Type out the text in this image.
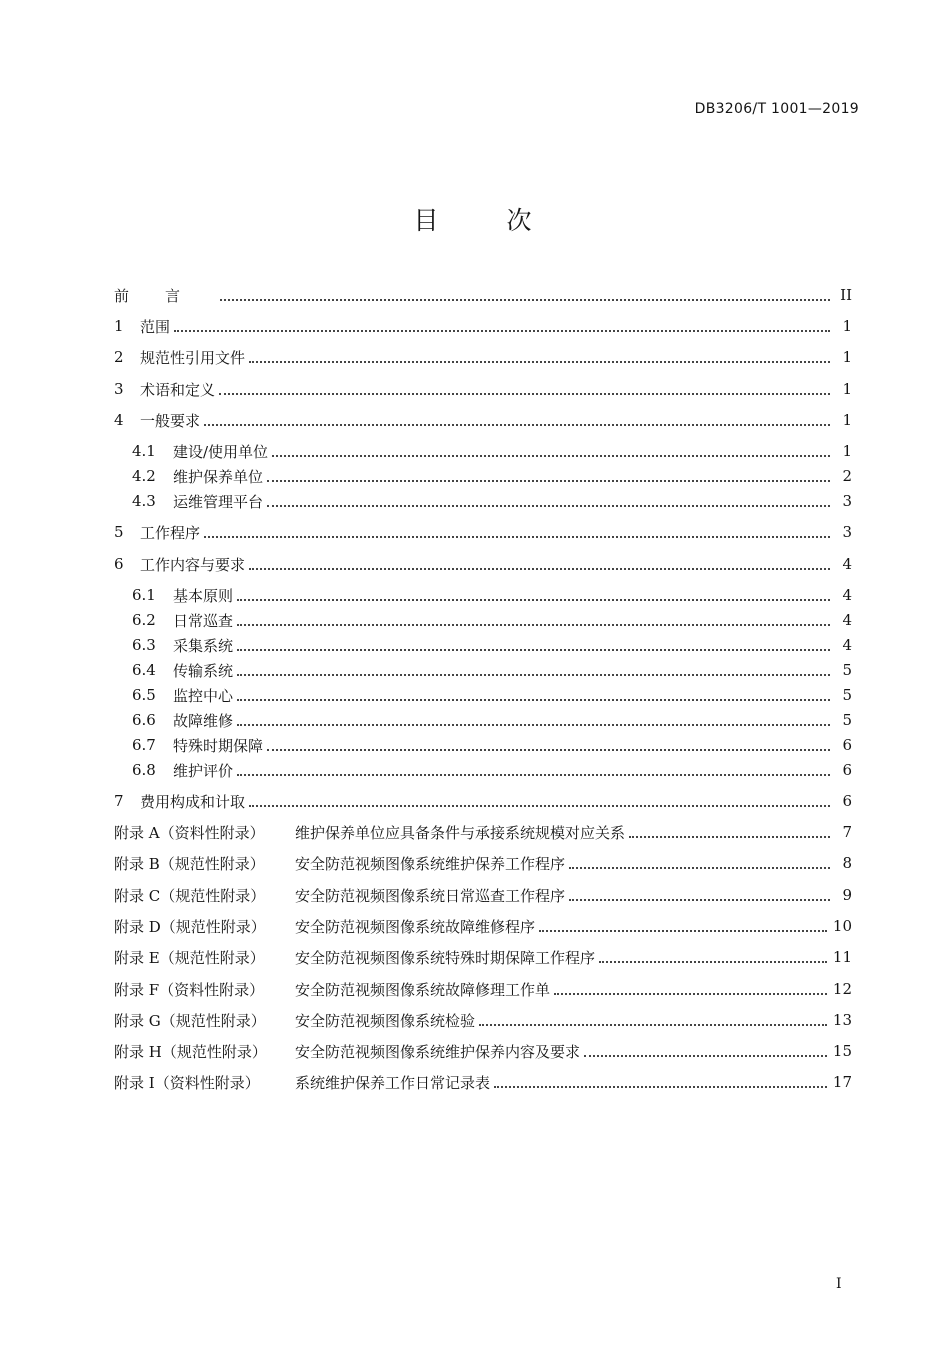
DB3206/T 1001—2019
目 次
前言	II
1	范围	1
2	规范性引用文件	1
3	术语和定义	1
4	一般要求	1
4.1	建设/使用单位	1
4.2	维护保养单位	2
4.3	运维管理平台	3
5	工作程序	3
6	工作内容与要求	4
6.1	基本原则	4
6.2	日常巡查	4
6.3	采集系统	4
6.4	传输系统	5
6.5	监控中心	5
6.6	故障维修	5
6.7	特殊时期保障	6
6.8	维护评价	6
7	费用构成和计取	6
附录 A（资料性附录）	维护保养单位应具备条件与承接系统规模对应关系	7
附录 B（规范性附录）	安全防范视频图像系统维护保养工作程序	8
附录 C（规范性附录）	安全防范视频图像系统日常巡查工作程序	9
附录 D（规范性附录）	安全防范视频图像系统故障维修程序	10
附录 E（规范性附录）	安全防范视频图像系统特殊时期保障工作程序	11
附录 F（资料性附录）	安全防范视频图像系统故障修理工作单	12
附录 G（规范性附录）	安全防范视频图像系统检验	13
附录 H（规范性附录）	安全防范视频图像系统维护保养内容及要求	15
附录 I（资料性附录）	系统维护保养工作日常记录表	17
I
